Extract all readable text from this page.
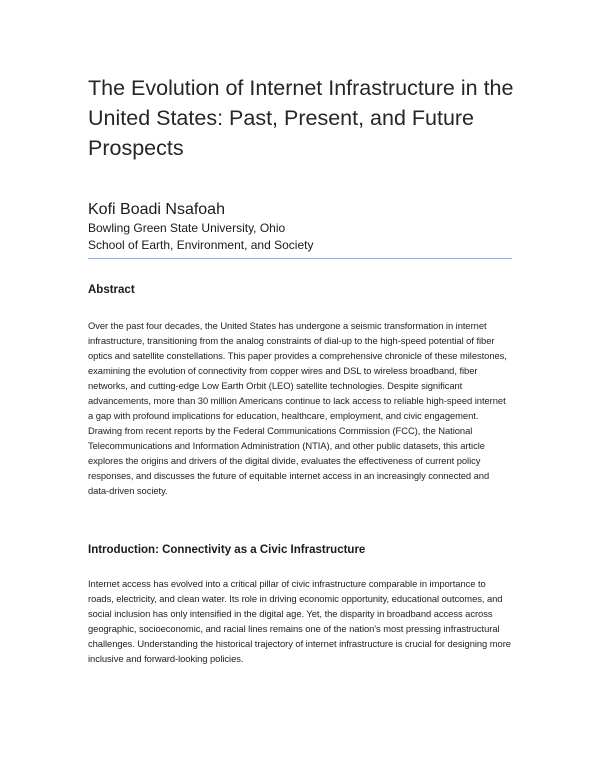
The Evolution of Internet Infrastructure in the United States: Past, Present, and Future Prospects

Kofi Boadi Nsafoah

Bowling Green State University, Ohio

School of Earth, Environment, and Society

Abstract

Over the past four decades, the United States has undergone a seismic transformation in internet infrastructure, transitioning from the analog constraints of dial-up to the high-speed potential of fiber optics and satellite constellations. This paper provides a comprehensive chronicle of these milestones, examining the evolution of connectivity from copper wires and DSL to wireless broadband, fiber networks, and cutting-edge Low Earth Orbit (LEO) satellite technologies. Despite significant advancements, more than 30 million Americans continue to lack access to reliable high-speed internet a gap with profound implications for education, healthcare, employment, and civic engagement. Drawing from recent reports by the Federal Communications Commission (FCC), the National Telecommunications and Information Administration (NTIA), and other public datasets, this article explores the origins and drivers of the digital divide, evaluates the effectiveness of current policy responses, and discusses the future of equitable internet access in an increasingly connected and data-driven society.

Introduction: Connectivity as a Civic Infrastructure

Internet access has evolved into a critical pillar of civic infrastructure comparable in importance to roads, electricity, and clean water. Its role in driving economic opportunity, educational outcomes, and social inclusion has only intensified in the digital age. Yet, the disparity in broadband access across geographic, socioeconomic, and racial lines remains one of the nation's most pressing infrastructural challenges. Understanding the historical trajectory of internet infrastructure is crucial for designing more inclusive and forward-looking policies.
